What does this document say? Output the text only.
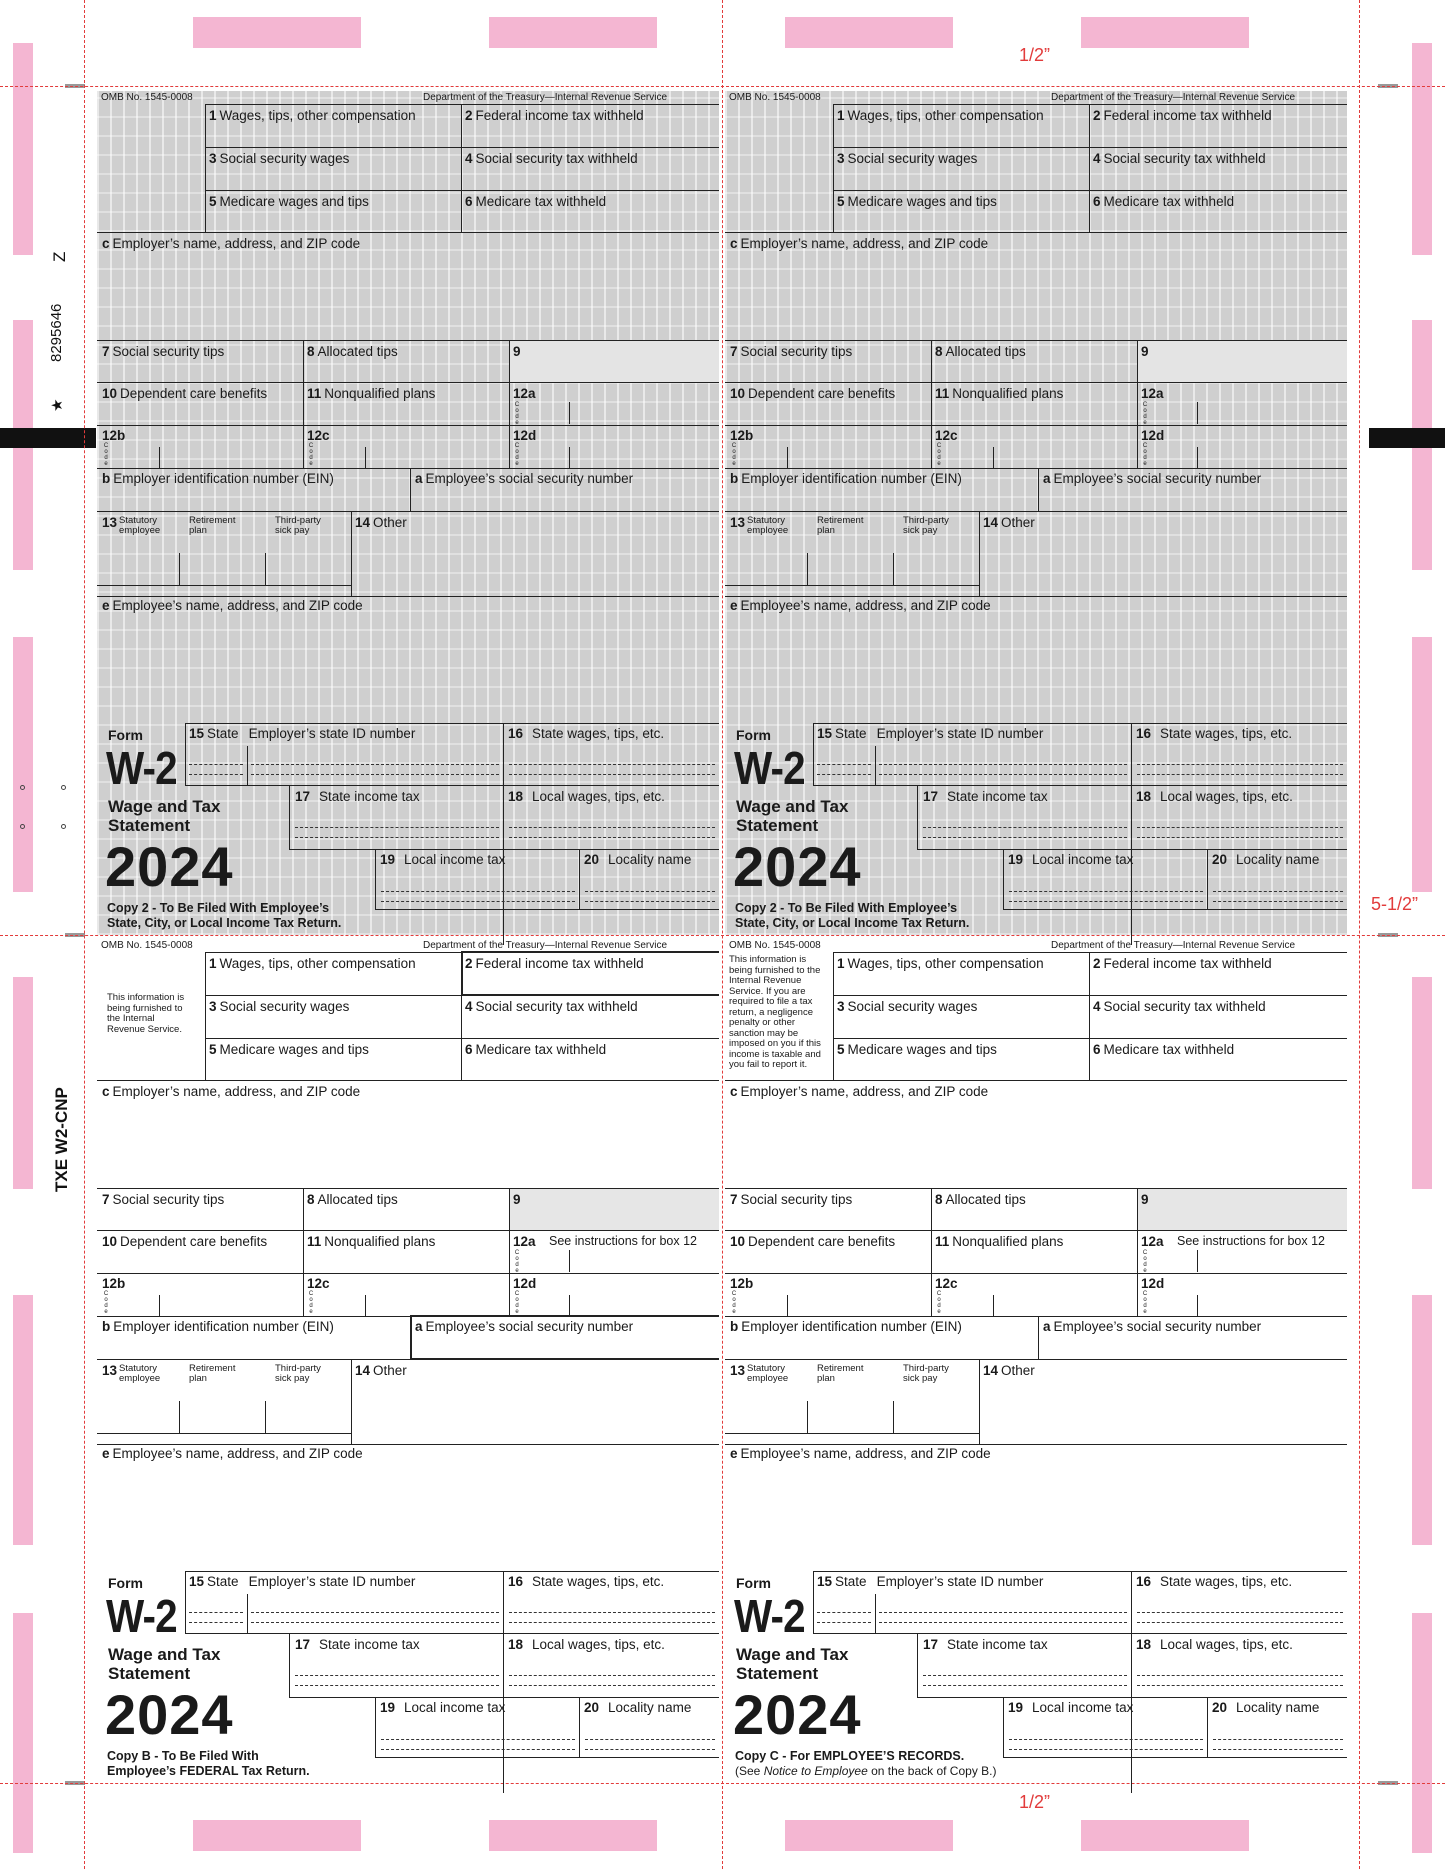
1/2”
5-1/2”
1/2”
Z
8295646
★
TXE W2-CNP
OMB No. 1545-0008	Department of the Treasury—Internal Revenue Service
1 Wages, tips, other compensation	2 Federal income tax withheld
3 Social security wages	4 Social security tax withheld
5 Medicare wages and tips	6 Medicare tax withheld
c Employer’s name, address, and ZIP code
7 Social security tips	8 Allocated tips	9
10 Dependent care benefits	11 Nonqualified plans	12a
C
o
d
e
12b	12c	12d
C
o
d
e
C
o
d
e
C
o
d
e
b Employer identification number (EIN)	a Employee’s social security number
13 Statutory
employee
Retirement
plan
Third-party
sick pay
14 Other
e Employee’s name, address, and ZIP code
15 State Employer’s state ID number	16 State wages, tips, etc.
17 State income tax	18 Local wages, tips, etc.
19 Local income tax	20 Locality name
Form
W-2
Wage and Tax
Statement
2024
Copy 2 - To Be Filed With Employee’s
State, City, or Local Income Tax Return.
OMB No. 1545-0008	Department of the Treasury—Internal Revenue Service
1 Wages, tips, other compensation	2 Federal income tax withheld
3 Social security wages	4 Social security tax withheld
5 Medicare wages and tips	6 Medicare tax withheld
c Employer’s name, address, and ZIP code
7 Social security tips	8 Allocated tips	9
10 Dependent care benefits	11 Nonqualified plans	12a
C
o
d
e
12b	12c	12d
C
o
d
e
C
o
d
e
C
o
d
e
b Employer identification number (EIN)	a Employee’s social security number
13 Statutory
employee
Retirement
plan
Third-party
sick pay
14 Other
e Employee’s name, address, and ZIP code
15 State Employer’s state ID number	16 State wages, tips, etc.
17 State income tax	18 Local wages, tips, etc.
19 Local income tax	20 Locality name
Form
W-2
Wage and Tax
Statement
2024
Copy 2 - To Be Filed With Employee’s
State, City, or Local Income Tax Return.
OMB No. 1545-0008	Department of the Treasury—Internal Revenue Service
1 Wages, tips, other compensation	2 Federal income tax withheld
3 Social security wages	4 Social security tax withheld
5 Medicare wages and tips	6 Medicare tax withheld
c Employer’s name, address, and ZIP code
7 Social security tips	8 Allocated tips	9
10 Dependent care benefits	11 Nonqualified plans	12a See instructions for box 12
C
o
d
e
12b	12c	12d
C
o
d
e
C
o
d
e
C
o
d
e
b Employer identification number (EIN)	a Employee’s social security number
13 Statutory
employee
Retirement
plan
Third-party
sick pay
14 Other
e Employee’s name, address, and ZIP code
15 State Employer’s state ID number	16 State wages, tips, etc.
17 State income tax	18 Local wages, tips, etc.
19 Local income tax	20 Locality name
Form
W-2
Wage and Tax
Statement
2024
Copy B - To Be Filed With
Employee’s FEDERAL Tax Return.
This information is
being furnished to
the Internal
Revenue Service.
OMB No. 1545-0008	Department of the Treasury—Internal Revenue Service
1 Wages, tips, other compensation	2 Federal income tax withheld
3 Social security wages	4 Social security tax withheld
5 Medicare wages and tips	6 Medicare tax withheld
c Employer’s name, address, and ZIP code
7 Social security tips	8 Allocated tips	9
10 Dependent care benefits	11 Nonqualified plans	12a See instructions for box 12
C
o
d
e
12b	12c	12d
C
o
d
e
C
o
d
e
C
o
d
e
b Employer identification number (EIN)	a Employee’s social security number
13 Statutory
employee
Retirement
plan
Third-party
sick pay
14 Other
e Employee’s name, address, and ZIP code
15 State Employer’s state ID number	16 State wages, tips, etc.
17 State income tax	18 Local wages, tips, etc.
19 Local income tax	20 Locality name
Form
W-2
Wage and Tax
Statement
2024
Copy C - For EMPLOYEE’S RECORDS.
(See Notice to Employee on the back of Copy B.)
This information is
being furnished to the
Internal Revenue
Service. If you are
required to file a tax
return, a negligence
penalty or other
sanction may be
imposed on you if this
income is taxable and
you fail to report it.
